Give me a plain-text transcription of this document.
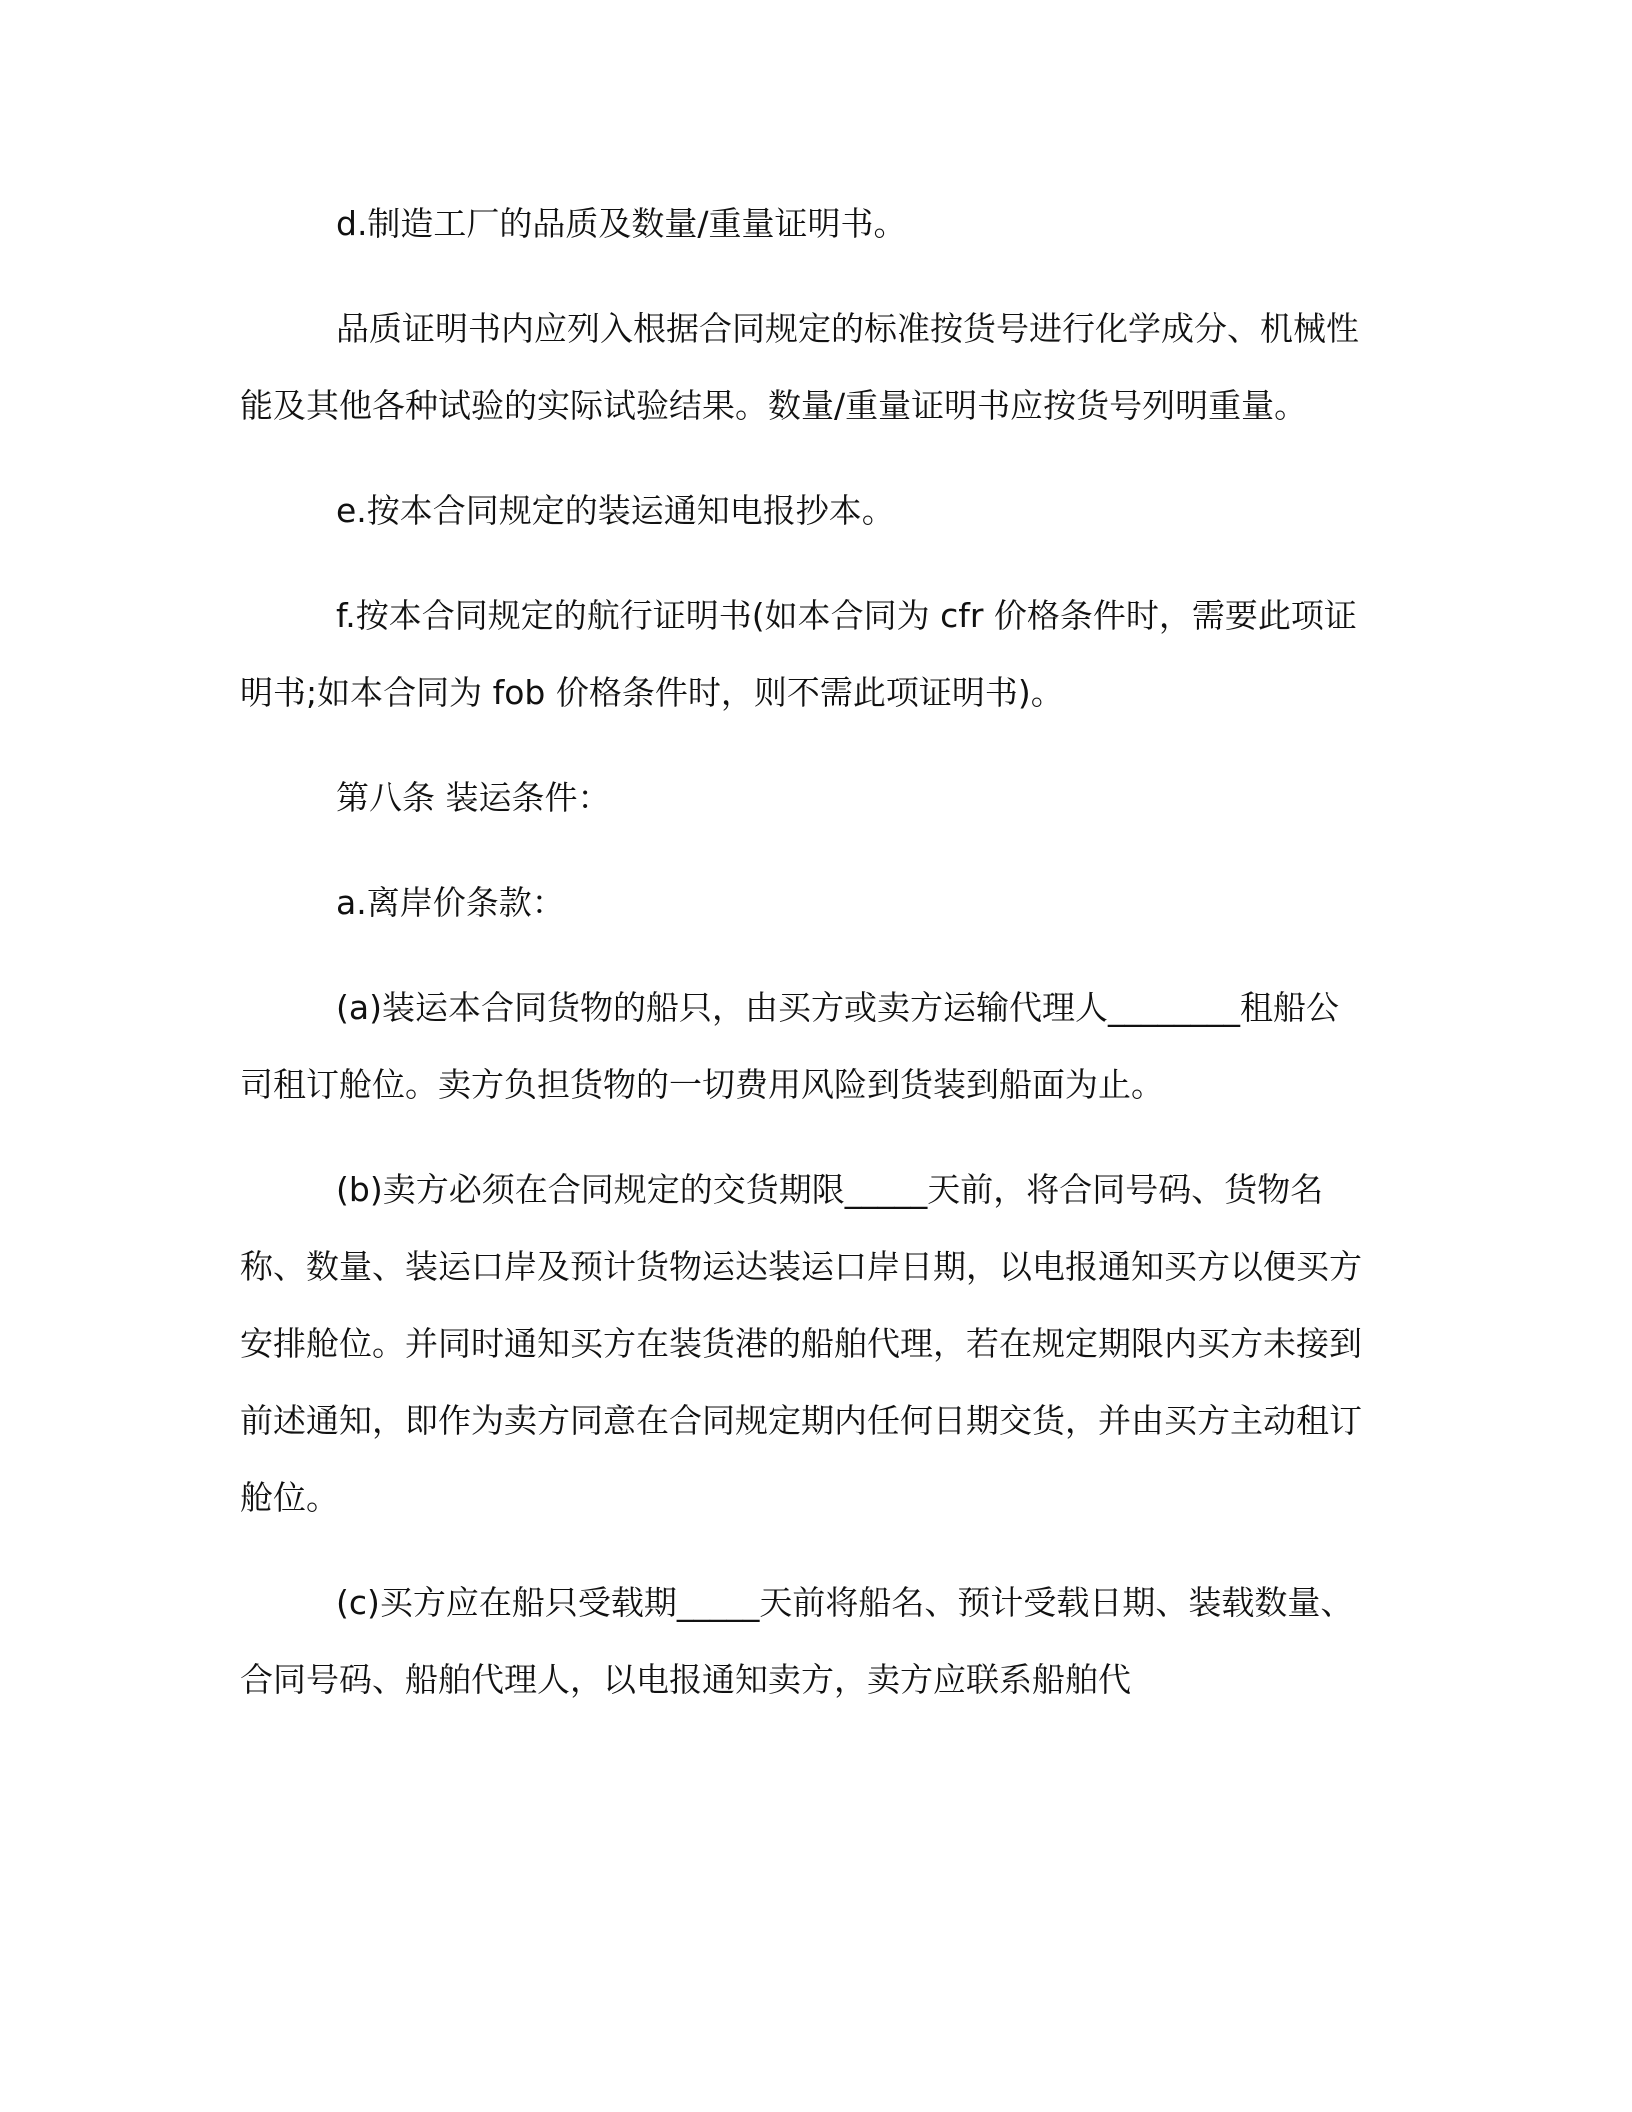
d.制造工厂的品质及数量/重量证明书。

品质证明书内应列入根据合同规定的标准按货号进行化学成分、机械性能及其他各种试验的实际试验结果。数量/重量证明书应按货号列明重量。

e.按本合同规定的装运通知电报抄本。

f.按本合同规定的航行证明书(如本合同为 cfr 价格条件时，需要此项证明书;如本合同为 fob 价格条件时，则不需此项证明书)。

第八条 装运条件：

a.离岸价条款：

(a)装运本合同货物的船只，由买方或卖方运输代理人________租船公司租订舱位。卖方负担货物的一切费用风险到货装到船面为止。

(b)卖方必须在合同规定的交货期限_____天前，将合同号码、货物名称、数量、装运口岸及预计货物运达装运口岸日期，以电报通知买方以便买方安排舱位。并同时通知买方在装货港的船舶代理，若在规定期限内买方未接到前述通知，即作为卖方同意在合同规定期内任何日期交货，并由买方主动租订舱位。

(c)买方应在船只受载期_____天前将船名、预计受载日期、装载数量、合同号码、船舶代理人，以电报通知卖方，卖方应联系船舶代
